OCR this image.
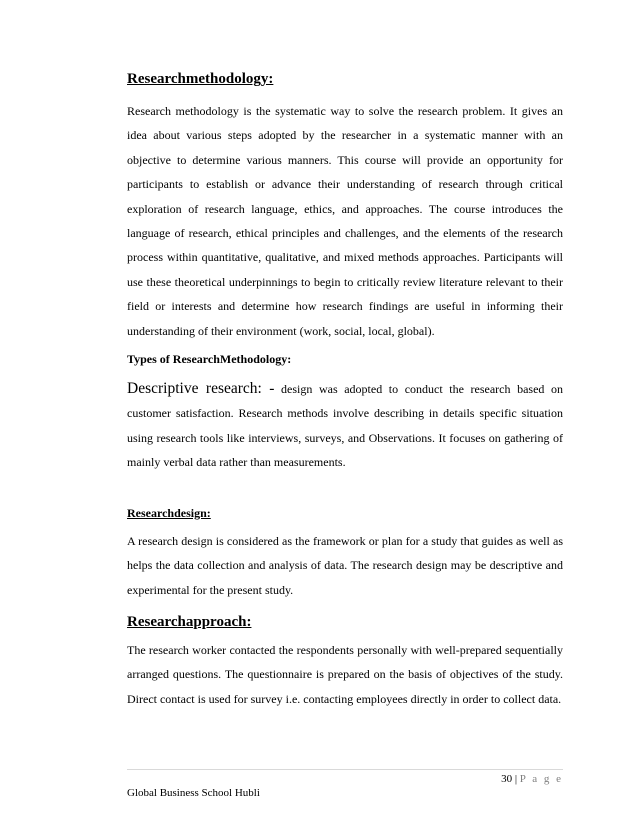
Researchmethodology:

Research methodology is the systematic way to solve the research problem. It gives an idea about various steps adopted by the researcher in a systematic manner with an objective to determine various manners. This course will provide an opportunity for participants to establish or advance their understanding of research through critical exploration of research language, ethics, and approaches. The course introduces the language of research, ethical principles and challenges, and the elements of the research process within quantitative, qualitative, and mixed methods approaches. Participants will use these theoretical underpinnings to begin to critically review literature relevant to their field or interests and determine how research findings are useful in informing their understanding of their environment (work, social, local, global).

Types of ResearchMethodology:

Descriptive research: - design was adopted to conduct the research based on customer satisfaction. Research methods involve describing in details specific situation using research tools like interviews, surveys, and Observations. It focuses on gathering of mainly verbal data rather than measurements.

Researchdesign:

A research design is considered as the framework or plan for a study that guides as well as helps the data collection and analysis of data. The research design may be descriptive and experimental for the present study.

Researchapproach:

The research worker contacted the respondents personally with well-prepared sequentially arranged questions. The questionnaire is prepared on the basis of objectives of the study. Direct contact is used for survey i.e. contacting employees directly in order to collect data.

30 | P a g e
Global Business School Hubli
